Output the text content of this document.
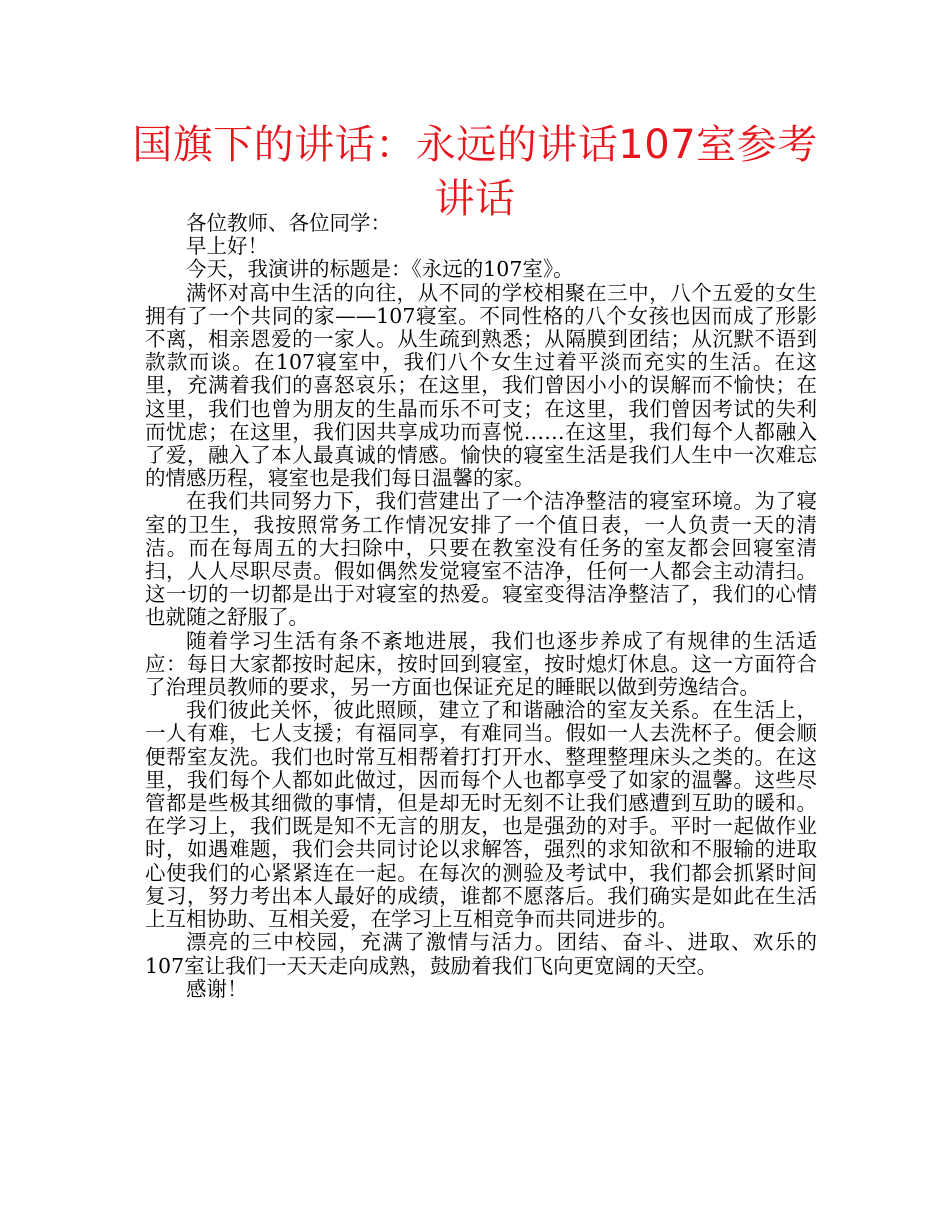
国旗下的讲话：永远的讲话107室参考讲话

各位教师、各位同学：

早上好！

今天，我演讲的标题是：《永远的107室》。

满怀对高中生活的向往，从不同的学校相聚在三中，八个五爱的女生拥有了一个共同的家——107寝室。不同性格的八个女孩也因而成了形影不离，相亲恩爱的一家人。从生疏到熟悉；从隔膜到团结；从沉默不语到款款而谈。在107寝室中，我们八个女生过着平淡而充实的生活。在这里，充满着我们的喜怒哀乐；在这里，我们曾因小小的误解而不愉快；在这里，我们也曾为朋友的生晶而乐不可支；在这里，我们曾因考试的失利而忧虑；在这里，我们因共享成功而喜悦……在这里，我们每个人都融入了爱，融入了本人最真诚的情感。愉快的寝室生活是我们人生中一次难忘的情感历程，寝室也是我们每日温馨的家。

在我们共同努力下，我们营建出了一个洁净整洁的寝室环境。为了寝室的卫生，我按照常务工作情况安排了一个值日表，一人负责一天的清洁。而在每周五的大扫除中，只要在教室没有任务的室友都会回寝室清扫，人人尽职尽责。假如偶然发觉寝室不洁净，任何一人都会主动清扫。这一切的一切都是出于对寝室的热爱。寝室变得洁净整洁了，我们的心情也就随之舒服了。

随着学习生活有条不紊地进展，我们也逐步养成了有规律的生活适应：每日大家都按时起床，按时回到寝室，按时熄灯休息。这一方面符合了治理员教师的要求，另一方面也保证充足的睡眠以做到劳逸结合。

我们彼此关怀，彼此照顾，建立了和谐融洽的室友关系。在生活上，一人有难，七人支援；有福同享，有难同当。假如一人去洗杯子。便会顺便帮室友洗。我们也时常互相帮着打打开水、整理整理床头之类的。在这里，我们每个人都如此做过，因而每个人也都享受了如家的温馨。这些尽管都是些极其细微的事情，但是却无时无刻不让我们感遭到互助的暖和。在学习上，我们既是知不无言的朋友，也是强劲的对手。平时一起做作业时，如遇难题，我们会共同讨论以求解答，强烈的求知欲和不服输的进取心使我们的心紧紧连在一起。在每次的测验及考试中，我们都会抓紧时间复习，努力考出本人最好的成绩，谁都不愿落后。我们确实是如此在生活上互相协助、互相关爱，在学习上互相竞争而共同进步的。

漂亮的三中校园，充满了激情与活力。团结、奋斗、进取、欢乐的107室让我们一天天走向成熟，鼓励着我们飞向更宽阔的天空。

感谢！
